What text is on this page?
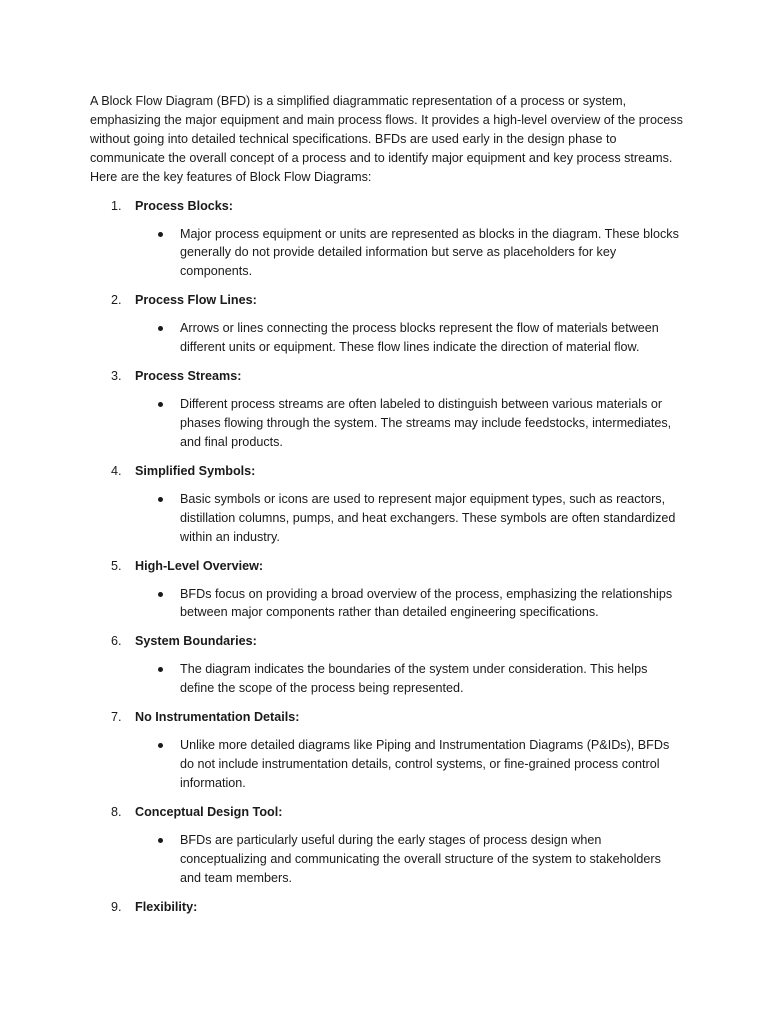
A Block Flow Diagram (BFD) is a simplified diagrammatic representation of a process or system, emphasizing the major equipment and main process flows. It provides a high-level overview of the process without going into detailed technical specifications. BFDs are used early in the design phase to communicate the overall concept of a process and to identify major equipment and key process streams. Here are the key features of Block Flow Diagrams:

1.	Process Blocks:
Major process equipment or units are represented as blocks in the diagram. These blocks generally do not provide detailed information but serve as placeholders for key components.
2.	Process Flow Lines:
Arrows or lines connecting the process blocks represent the flow of materials between different units or equipment. These flow lines indicate the direction of material flow.
3.	Process Streams:
Different process streams are often labeled to distinguish between various materials or phases flowing through the system. The streams may include feedstocks, intermediates, and final products.
4.	Simplified Symbols:
Basic symbols or icons are used to represent major equipment types, such as reactors, distillation columns, pumps, and heat exchangers. These symbols are often standardized within an industry.
5.	High-Level Overview:
BFDs focus on providing a broad overview of the process, emphasizing the relationships between major components rather than detailed engineering specifications.
6.	System Boundaries:
The diagram indicates the boundaries of the system under consideration. This helps define the scope of the process being represented.
7.	No Instrumentation Details:
Unlike more detailed diagrams like Piping and Instrumentation Diagrams (P&IDs), BFDs do not include instrumentation details, control systems, or fine-grained process control information.
8.	Conceptual Design Tool:
BFDs are particularly useful during the early stages of process design when conceptualizing and communicating the overall structure of the system to stakeholders and team members.
9.	Flexibility:
